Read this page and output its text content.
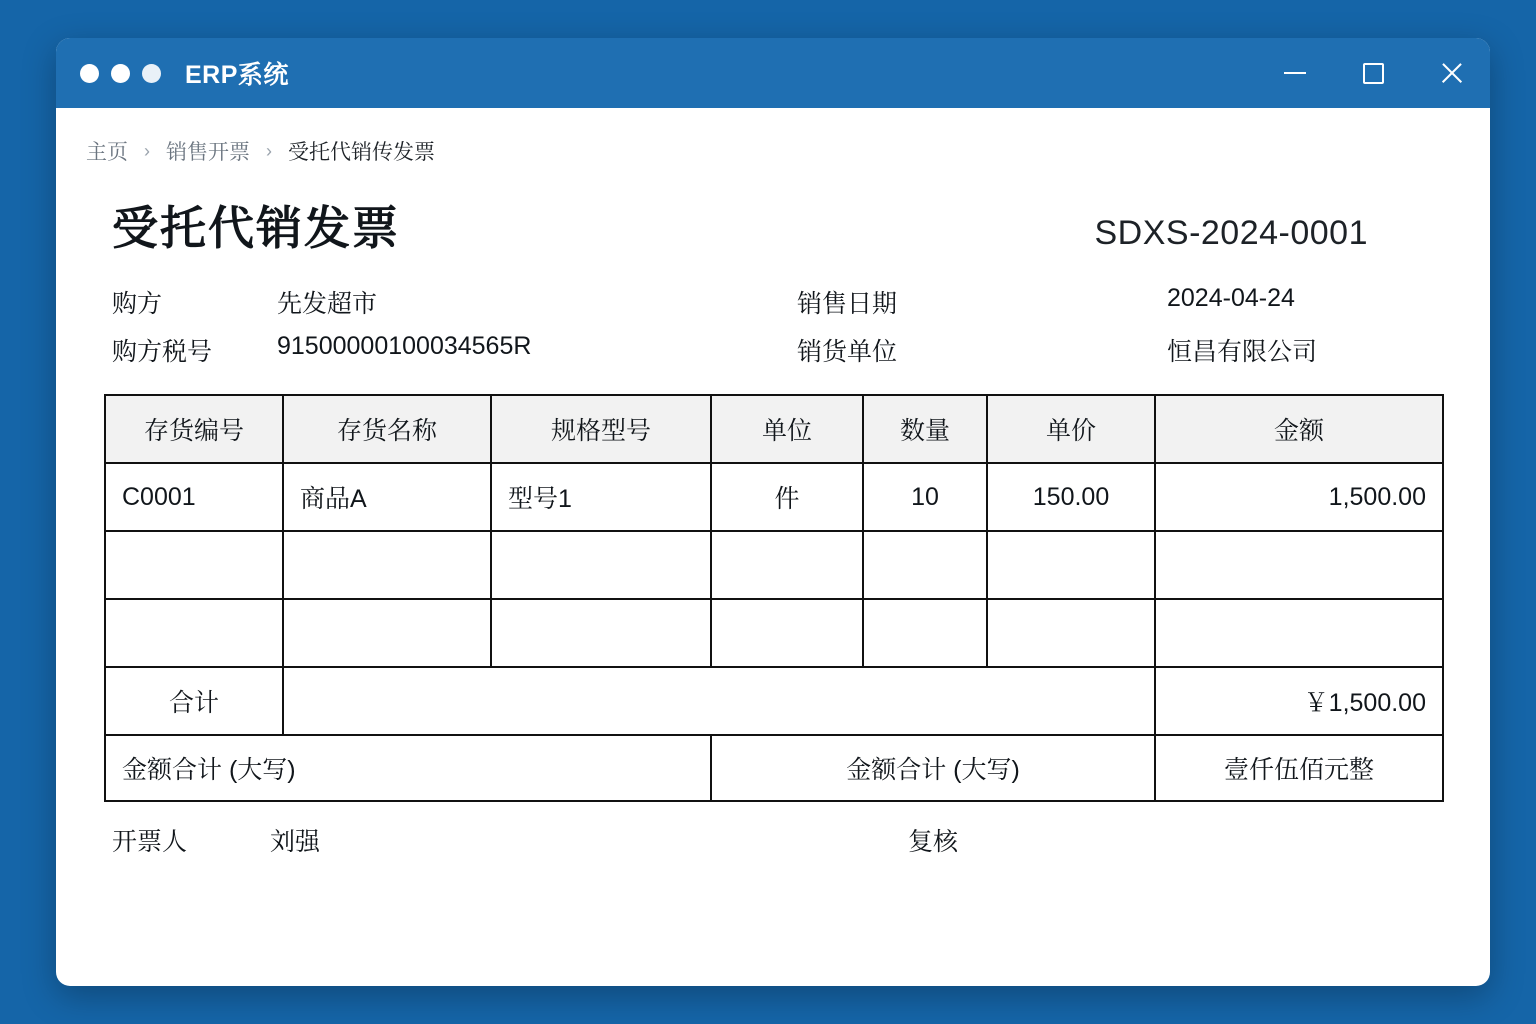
ERP系统
主页 › 销售开票 › 受托代销传发票
受托代销发票	SDXS-2024-0001
购方	先发超市	销售日期	2024-04-24
购方税号	91500000100034565R	销货单位	恒昌有限公司
存货编号	存货名称	规格型号	单位	数量	单价	金额
C0001	商品A	型号1	件	10	150.00	1,500.00

合计						￥1,500.00
金额合计 (大写)			金额合计 (大写)			壹仟伍佰元整
开票人	刘强	复核
